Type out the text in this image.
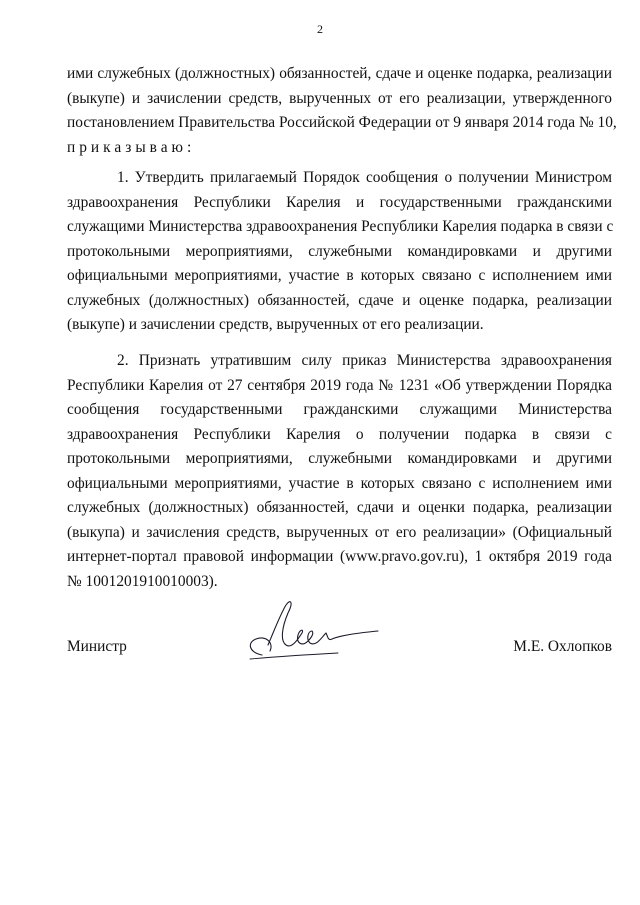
2
ими служебных (должностных) обязанностей, сдаче и оценке подарка, реализации
(выкупе) и зачислении средств, вырученных от его реализации, утвержденного
постановлением Правительства Российской Федерации от 9 января 2014 года № 10,
приказываю:
1. Утвердить прилагаемый Порядок сообщения о получении Министром
здравоохранения Республики Карелия и государственными гражданскими
служащими Министерства здравоохранения Республики Карелия подарка в связи с
протокольными мероприятиями, служебными командировками и другими
официальными мероприятиями, участие в которых связано с исполнением ими
служебных (должностных) обязанностей, сдаче и оценке подарка, реализации
(выкупе) и зачислении средств, вырученных от его реализации.
2. Признать утратившим силу приказ Министерства здравоохранения
Республики Карелия от 27 сентября 2019 года № 1231 «Об утверждении Порядка
сообщения государственными гражданскими служащими Министерства
здравоохранения Республики Карелия о получении подарка в связи с
протокольными мероприятиями, служебными командировками и другими
официальными мероприятиями, участие в которых связано с исполнением ими
служебных (должностных) обязанностей, сдачи и оценки подарка, реализации
(выкупа) и зачисления средств, вырученных от его реализации» (Официальный
интернет-портал правовой информации (www.pravo.gov.ru), 1 октября 2019 года
№ 1001201910010003).
Министр	М.Е. Охлопков
